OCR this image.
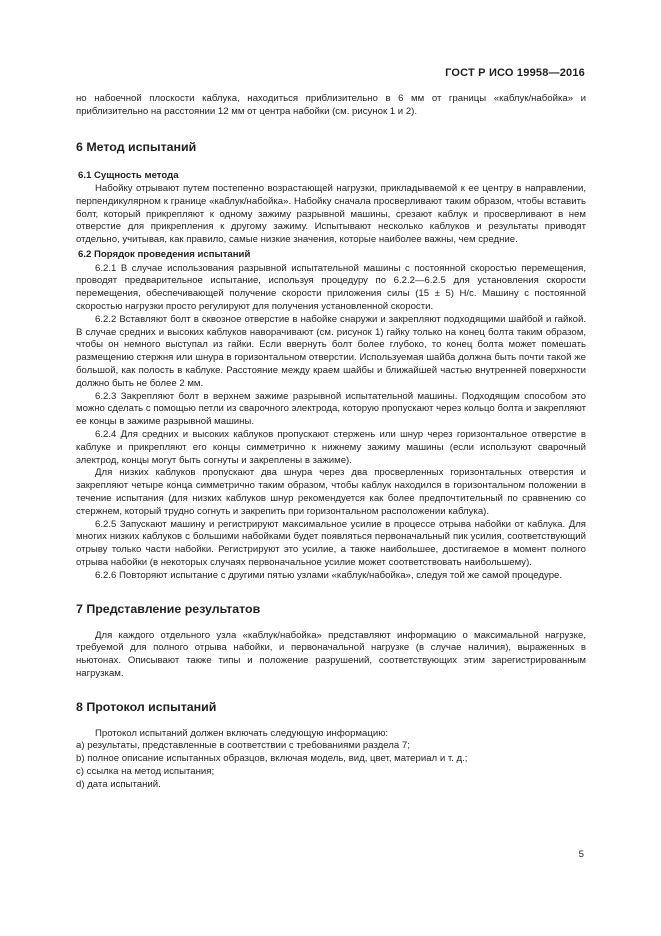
ГОСТ Р ИСО 19958—2016

но набоечной плоскости каблука, находиться приблизительно в 6 мм от границы «каблук/набойка» и приблизительно на расстоянии 12 мм от центра набойки (см. рисунок 1 и 2).

6 Метод испытаний
6.1 Сущность метода

Набойку отрывают путем постепенно возрастающей нагрузки, прикладываемой к ее центру в направлении, перпендикулярном к границе «каблук/набойка». Набойку сначала просверливают таким образом, чтобы вставить болт, который прикрепляют к одному зажиму разрывной машины, срезают каблук и просверливают в нем отверстие для прикрепления к другому зажиму. Испытывают несколько каблуков и результаты приводят отдельно, учитывая, как правило, самые низкие значения, которые наиболее важны, чем средние.

6.2 Порядок проведения испытаний

6.2.1 В случае использования разрывной испытательной машины с постоянной скоростью перемещения, проводят предварительное испытание, используя процедуру по 6.2.2—6.2.5 для установления скорости перемещения, обеспечивающей получение скорости приложения силы (15 ± 5) Н/с. Машину с постоянной скоростью нагрузки просто регулируют для получения установленной скорости.

6.2.2 Вставляют болт в сквозное отверстие в набойке снаружи и закрепляют подходящими шайбой и гайкой. В случае средних и высоких каблуков наворачивают (см. рисунок 1) гайку только на конец болта таким образом, чтобы он немного выступал из гайки. Если ввернуть болт более глубоко, то конец болта может помешать размещению стержня или шнура в горизонтальном отверстии. Используемая шайба должна быть почти такой же большой, как полость в каблуке. Расстояние между краем шайбы и ближайшей частью внутренней поверхности должно быть не более 2 мм.

6.2.3 Закрепляют болт в верхнем зажиме разрывной испытательной машины. Подходящим способом это можно сделать с помощью петли из сварочного электрода, которую пропускают через кольцо болта и закрепляют ее концы в зажиме разрывной машины.

6.2.4 Для средних и высоких каблуков пропускают стержень или шнур через горизонтальное отверстие в каблуке и прикрепляют его концы симметрично к нижнему зажиму машины (если используют сварочный электрод, концы могут быть согнуты и закреплены в зажиме).

Для низких каблуков пропускают два шнура через два просверленных горизонтальных отверстия и закрепляют четыре конца симметрично таким образом, чтобы каблук находился в горизонтальном положении в течение испытания (для низких каблуков шнур рекомендуется как более предпочтительный по сравнению со стержнем, который трудно согнуть и закрепить при горизонтальном расположении каблука).

6.2.5 Запускают машину и регистрируют максимальное усилие в процессе отрыва набойки от каблука. Для многих низких каблуков с большими набойками будет появляться первоначальный пик усилия, соответствующий отрыву только части набойки. Регистрируют это усилие, а также наибольшее, достигаемое в момент полного отрыва набойки (в некоторых случаях первоначальное усилие может соответствовать наибольшему).

6.2.6 Повторяют испытание с другими пятью узлами «каблук/набойка», следуя той же самой процедуре.

7 Представление результатов

Для каждого отдельного узла «каблук/набойка» представляют информацию о максимальной нагрузке, требуемой для полного отрыва набойки, и первоначальной нагрузке (в случае наличия), выраженных в ньютонах. Описывают также типы и положение разрушений, соответствующих этим зарегистрированным нагрузкам.

8 Протокол испытаний

Протокол испытаний должен включать следующую информацию:

а) результаты, представленные в соответствии с требованиями раздела 7;

b) полное описание испытанных образцов, включая модель, вид, цвет, материал и т. д.;

с) ссылка на метод испытания;

d) дата испытаний.

5
